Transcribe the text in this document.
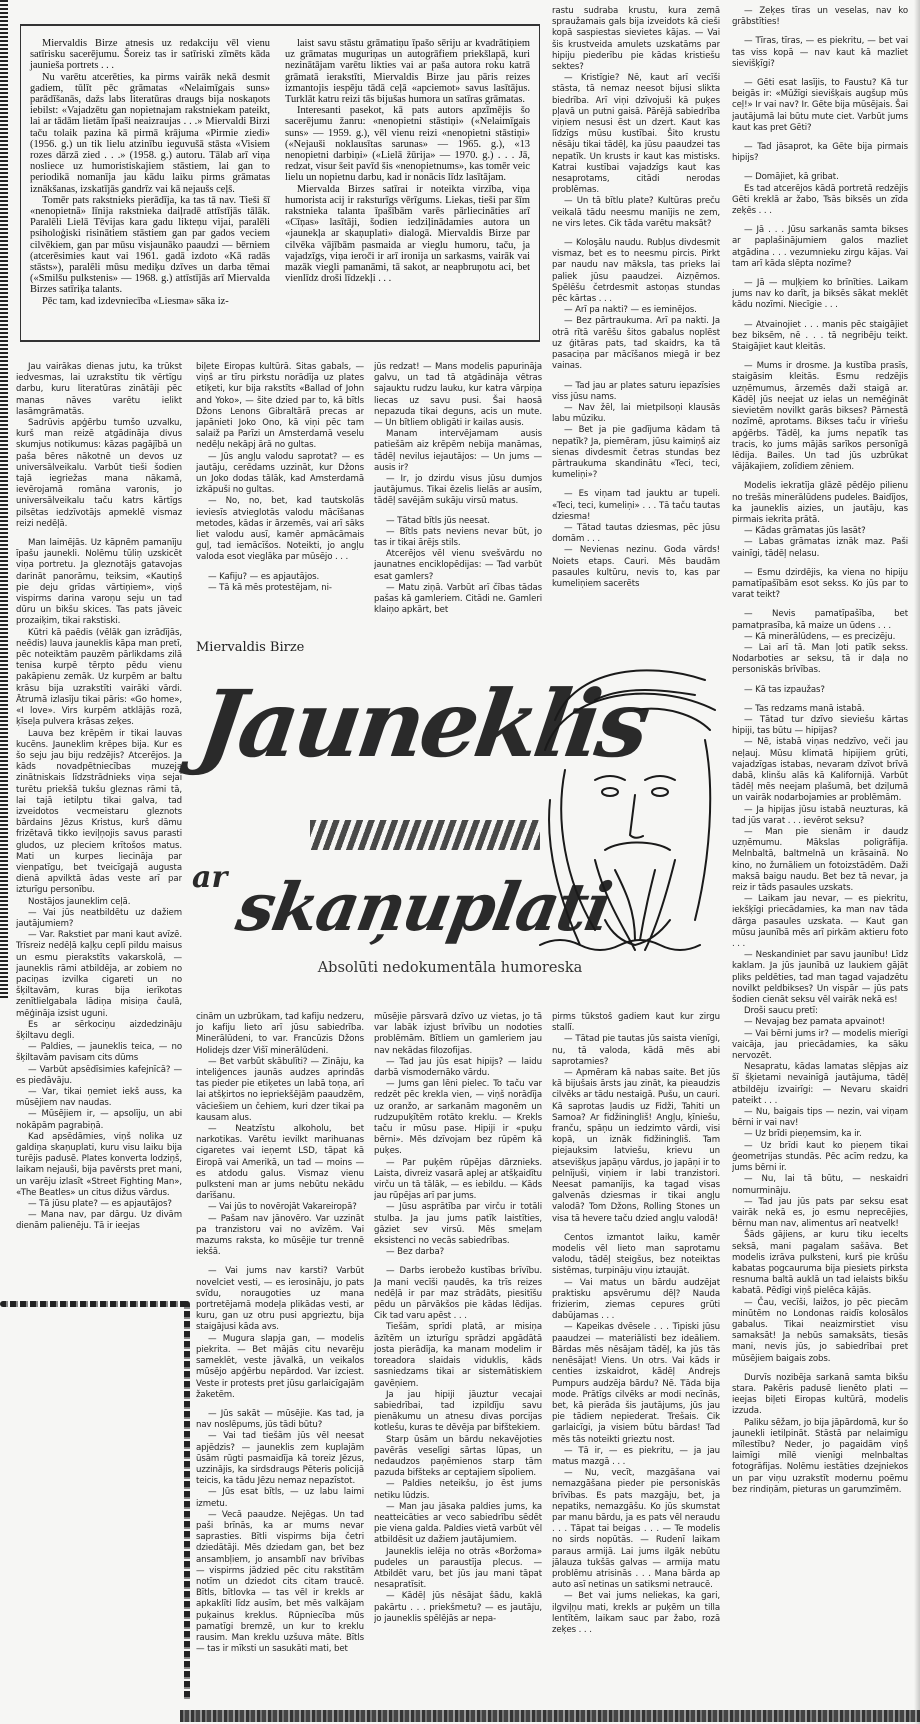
Miervaldis Birze atnesis uz redakciju vēl vienu satīrisku sacerējumu. Šoreiz tas ir satīriski zīmēts kāda jaunieša portrets . . .

Nu varētu atcerēties, ka pirms vairāk nekā desmit gadiem, tūlīt pēc grāmatas «Nelaimīgais suns» parādīšanās, dažs labs literatūras draugs bija noskaņots iebilst: «Vajadzētu gan nopietnajam rakstniekam pateikt, lai ar tādām lietām īpaši neaizraujas . . .» Miervaldi Birzi taču tolaik pazina kā pirmā krājuma «Pirmie ziedi» (1956. g.) un tik lielu atzinību ieguvušā stāsta «Visiem rozes dārzā zied . . .» (1958. g.) autoru. Tālab arī viņa nosliece uz humoristiskajiem stāstiem, lai gan to periodikā nomanīja jau kādu laiku pirms grāmatas iznākšanas, izskatījās gandrīz vai kā nejaušs ceļš.

Tomēr pats rakstnieks pierādīja, ka tas tā nav. Tieši šī «nenopietnā» līnija rakstnieka daiļradē attīstījās tālāk. Paralēli Lielā Tēvijas kara gadu likteņu vijai, paralēli psiholoģiski risinātiem stāstiem gan par gados veciem cilvēkiem, gan par mūsu visjaunāko paaudzi — bērniem (atcerēsimies kaut vai 1961. gadā izdoto «Kā radās stāsts»), paralēli mūsu mediķu dzīves un darba tēmai («Smilšu pulkstenis» — 1968. g.) attīstījās arī Miervalda Birzes satīriķa talants.

Pēc tam, kad izdevniecība «Liesma» sāka iz-

laist savu stāstu grāmatiņu īpašo sēriju ar kvadrātiņiem uz grāmatas muguriņas un autogrāfiem priekšlapā, kuri nezinātājam varētu likties vai ar paša autora roku katrā grāmatā ierakstīti, Miervaldis Birze jau pāris reizes izmantojis iespēju tādā ceļā «apciemot» savus lasītājus. Turklāt katru reizi tās bijušas humora un satīras grāmatas.

Interesanti pasekot, kā pats autors apzīmējis šo sacerējumu žanru: «nenopietni stāstiņi» («Nelaimīgais suns» — 1959. g.), vēl vienu reizi «nenopietni stāstiņi» («Nejauši noklausītas sarunas» — 1965. g.), «13 nenopietni darbiņi» («Lielā žūrija» — 1970. g.) . . . Jā, redzat, visur šeit pavīd šis «nenopietnums», kas tomēr veic lielu un nopietnu darbu, kad ir nonācis līdz lasītājam.

Miervalda Birzes satīrai ir noteikta virzība, viņa humorista acij ir raksturīgs vērīgums. Liekas, tieši par šīm rakstnieka talanta īpašībām varēs pārliecināties arī «Cīņas» lasītāji, šodien iedziļinādamies autora un «jaunekļa ar skaņuplati» dialogā. Miervaldis Birze par cilvēka vājībām pasmaida ar vieglu humoru, taču, ja vajadzīgs, viņa ieroči ir arī ironija un sarkasms, vairāk vai mazāk viegli pamanāmi, tā sakot, ar neapbruņotu aci, bet vienlīdz droši līdzekļi . . .

Jau vairākas dienas jutu, ka trūkst iedvesmas, lai uzrakstītu tik vērtīgu darbu, kuru literatūras zinātāji pēc manas nāves varētu ielikt lasāmgrāmatās.

Sadrūvis apģērbu tumšo uzvalku, kurš man reizē atgādināja divus skumjus notikumus: kāzas pagājībā un paša bēres nākotnē un devos uz universālveikalu. Varbūt tieši šodien tajā iegriežas mana nākamā, ievērojamā romāna varonis, jo universālveikalu taču katrs kārtīgs pilsētas iedzīvotājs apmeklē vismaz reizi nedēļā.

Man laimējās. Uz kāpnēm pamanīju īpašu jaunekli. Nolēmu tūliņ uzskicēt viņa portretu. Ja gleznotājs gatavojas darināt panorāmu, teiksim, «Kautiņš pie deju grīdas vārtiņiem», viņš vispirms darina varoņu seju un tad dūru un bikšu skices. Tas pats jāveic prozaiķim, tikai rakstiski.

Kūtri kā paēdis (vēlāk gan izrādījās, neēdis) lauva jauneklis kāpa man pretī, pēc noteiktām pauzēm pārlikdams zilā tenisa kurpē tērpto pēdu vienu pakāpienu zemāk. Uz kurpēm ar baltu krāsu bija uzrakstīti vairāki vārdi. Ātrumā izlasīju tikai pāris: «Go home», «I love». Virs kurpēm atklājās rozā, ķīseļa pulvera krāsas zeķes.

Lauva bez krēpēm ir tikai lauvas kucēns. Jauneklim krēpes bija. Kur es šo seju jau biju redzējis? Atcerējos. Ja kāds novadpētniecības muzeja zinātniskais līdzstrādnieks viņa sejai turētu priekšā tukšu gleznas rāmi tā, lai tajā ietilptu tikai galva, tad izveidotos vecmeistaru gleznots bārdains Jēzus Kristus, kurš dāmu frizētavā tikko ieviļņojis savus parasti gludos, uz pleciem krītošos matus. Mati un kurpes liecināja par vienpatīgu, bet tveicīgajā augusta dienā apvilktā ādas veste arī par izturīgu personību.

Nostājos jauneklim ceļā.

— Vai jūs neatbildētu uz dažiem jautājumiem?

— Var. Rakstiet par mani kaut avīzē. Trīsreiz nedēļā kaļķu ceplī pildu maisus un esmu pierakstīts vakarskolā, — jauneklis rāmi atbildēja, ar zobiem no paciņas izvilka cigareti un no šķiltavām, kuras bija ierīkotas zenītlielgabala lādiņa misiņa čaulā, mēģināja izsist uguni.

Es ar sērkociņu aizdedzināju šķiltavu degli.

— Paldies, — jauneklis teica, — no šķiltavām pavisam cits dūms

— Varbūt apsēdīsimies kafejnīcā? — es piedāvāju.

— Var, tikai ņemiet iekš auss, ka mūsējiem nav naudas.

— Mūsējiem ir, — apsolīju, un abi nokāpām pagrabiņā.

Kad apsēdāmies, viņš nolika uz galdiņa skaņuplati, kuru visu laiku bija turējis padusē. Plates konverta lodziņš, laikam nejauši, bija pavērsts pret mani, un varēju izlasīt «Street Fighting Man», «The Beatles» un citus dižus vārdus.

— Tā jūsu plate? — es apjautājos?

— Mana nav, par dārgu. Uz divām dienām palienēju. Tā ir ieejas

biļete Eiropas kultūrā. Šitas gabals, — viņš ar tīru pirkstu norādīja uz plates etiķeti, kur bija rakstīts «Ballad of John and Yoko», — šite dzied par to, kā bītls Džons Lenons Gibraltārā precas ar japānieti Joko Ono, kā viņi pēc tam salaiž pa Parīzi un Amsterdamā veselu nedēļu nekāpj ārā no gultas.

— Jūs angļu valodu saprotat? — es jautāju, cerēdams uzzināt, kur Džons un Joko dodas tālāk, kad Amsterdamā izkāpuši no gultas.

— No, no, bet, kad tautskolās ieviesīs atvieglotās valodu mācīšanas metodes, kādas ir ārzemēs, vai arī sāks liet valodu ausī, kamēr apmācāmais guļ, tad iemācīšos. Noteikti, jo angļu valoda esot vieglāka par mūsējo . . .

— Kafiju? — es apjautājos.

— Tā kā mēs protestējam, ni-

jūs redzat! — Mans modelis papurināja galvu, un tad tā atgādināja vētras sajauktu rudzu lauku, kur katra vārpiņa liecas uz savu pusi. Šai haosā nepazuda tikai deguns, acis un mute. — Un bītliem obligāti ir kailas ausis.

Manam intervējamam ausis patiešām aiz krēpēm nebija manāmas, tādēļ nevilus iejautājos: — Un jums — ausis ir?

— Ir, jo dzirdu visus jūsu dumjos jautājumus. Tikai ēzelis lielās ar ausīm, tādēļ savējām sukāju virsū matus.

— Tātad bītls jūs neesat.

— Bītls pats neviens nevar būt, jo tas ir tikai ārējs stils.

Atcerējos vēl vienu svešvārdu no jaunatnes enciklopēdijas: — Tad varbūt esat gamlers?

— Matu ziņā. Varbūt arī čības tādas pašas kā gamleriem. Citādi ne. Gamleri klaiņo apkārt, bet

rastu sudraba krustu, kura zemā spraužamais gals bija izveidots kā cieši kopā saspiestas sievietes kājas. — Vai šis krustveida amulets uzskatāms par hipiju piederību pie kādas kristiešu sektes?

— Kristīgie? Nē, kaut arī vecīši stāsta, tā nemaz neesot bijusi slikta biedrība. Arī viņi dzīvojuši kā puķes pļavā un putni gaisā. Pārējā sabiedrība viņiem nesusi ēst un dzert. Kaut kas līdzīgs mūsu kustībai. Šito krustu nēsāju tikai tādēļ, ka jūsu paaudzei tas nepatīk. Un krusts ir kaut kas mistisks. Katrai kustībai vajadzīgs kaut kas nesaprotams, citādi nerodas problēmas.

— Un tā bītlu plate? Kultūras preču veikalā tādu neesmu manījis ne zem, ne virs letes. Cik tāda varētu maksāt?

— Koloşālu naudu. Rubļus divdesmit vismaz, bet es to neesmu pircis. Pirkt par naudu nav māksla, tas prieks lai paliek jūsu paaudzei. Aizņēmos. Spēlēšu četrdesmit astoņas stundas pēc kārtas . . .

— Arī pa nakti? — es ieminējos.

— Bez pārtraukuma. Arī pa nakti. Ja otrā rītā varēšu šitos gabalus noplēst uz ģitāras pats, tad skaidrs, ka tā pasaciņa par mācīšanos miegā ir bez vainas.

— Tad jau ar plates saturu iepazīsies viss jūsu nams.

— Nav žēl, lai mietpilsoņi klausās labu mūziku.

— Bet ja pie gadījuma kādam tā nepatīk? Ja, piemēram, jūsu kaimiņš aiz sienas divdesmit četras stundas bez pārtraukuma skandinātu «Teci, teci, kumeliņi»?

— Es viņam tad jauktu ar tupeli. «Teci, teci, kumeliņi» . . . Tā taču tautas dziesma!

— Tātad tautas dziesmas, pēc jūsu domām . . .

— Nevienas nezinu. Goda vārds! Noiets etaps. Cauri. Mēs baudām pasaules kultūru, nevis to, kas par kumeliņiem sacerēts

— Zeķes tīras un veselas, nav ko grābstīties!

— Tīras, tīras, — es piekritu, — bet vai tas viss kopā — nav kaut kā mazliet sievišķīgi?

— Gēti esat lasījis, to Faustu? Kā tur beigās ir: «Mūžīgi sievišķais augšup mūs ceļ!» Ir vai nav? Ir. Gēte bija mūsējais. Šai jautājumā lai būtu mute ciet. Varbūt jums kaut kas pret Gēti?

— Tad jāsaprot, ka Gēte bija pirmais hipijs?

— Domājiet, kā gribat.

Es tad atcerējos kādā portretā redzējis Gēti kreklā ar žabo, Tsās biksēs un zīda zeķēs . . .

— Jā . . . Jūsu sarkanās samta bikses ar paplašinājumiem galos mazliet atgādina . . . vezumnieku zirgu kājas. Vai tam arī kāda slēpta nozīme?

— Jā — muļķiem ko brīnīties. Laikam jums nav ko darīt, ja biksēs sākat meklēt kādu nozīmi. Niecīgie . . .

— Atvainojiet . . . manis pēc staigājiet bez biksēm, nē . . . tā negribēju teikt. Staigājiet kaut kleitās.

— Mums ir drosme. Ja kustība prasīs, staigāsim kleitās. Esmu redzējis uzņēmumus, ārzemēs daži staigā ar. Kādēļ jūs neejat uz ielas un nemēģināt sievietēm novilkt garās bikses? Pārnestā nozīmē, aprotams. Bikses taču ir vīriešu apģērbs. Tādēļ, ka jums nepatīk tas tracis, ko jums mājās sarīkos personīgā lēdija. Bailes. Un tad jūs uzbrūkat vājākajiem, zolīdiem zēniem.

Modelis iekratīja glāzē pēdējo pilienu no trešās minerālūdens pudeles. Baidījos, ka jauneklis aizies, un jautāju, kas pirmais iekrita prātā.

— Kādas grāmatas jūs lasāt?

— Labas grāmatas iznāk maz. Paši vainīgi, tādēļ nelasu.

— Esmu dzirdējis, ka viena no hipiju pamatīpašībām esot sekss. Ko jūs par to varat teikt?

— Nevis pamatīpašība, bet pamatprasība, kā maize un ūdens . . .

— Kā minerālūdens, — es precizēju.

— Lai arī tā. Man ļoti patīk sekss. Nodarboties ar seksu, tā ir daļa no personiskās brīvības.

— Kā tas izpaužas?

— Tas redzams manā istabā.

— Tātad tur dzīvo sieviešu kārtas hipiji, tas būtu — hipijas?

— Nē, istabā viņas nedzīvo, veči jau neļauj. Mūsu klimatā hipijiem grūti, vajadzīgas istabas, nevaram dzīvot brīvā dabā, klinšu alās kā Kalifornijā. Varbūt tādēļ mēs neejam plašumā, bet dziļumā un vairāk nodarbojamies ar problēmām.

— Ja hipijas jūsu istabā neuzturas, kā tad jūs varat . . . ievērot seksu?

— Man pie sienām ir daudz uzņēmumu. Mākslas poligrāfija. Melnbaltā, baltmelnā un krāsainā. No kino, no žurnāliem un fotoizstādēm. Daži maksā baigu naudu. Bet bez tā nevar, ja reiz ir tāds pasaules uzskats.

— Laikam jau nevar, — es piekritu, iekšķīgi priecādamies, ka man nav tāda dārga pasaules uzskata. — Kaut gan mūsu jaunībā mēs arī pirkām aktieru foto . . .

— Neskandiniet par savu jaunību! Līdz kaklam. Ja jūs jaunībā uz laukiem gājāt pliks peldēties, tad man tagad vajadzētu novilkt peldbikses? Un vispār — jūs pats šodien cienāt seksu vēl vairāk nekā es!

Droši saucu pretī:

— Nevajag bez pamata apvainot!

— Vai bērni jums ir? — modelis mierīgi vaicāja, jau priecādamies, ka sāku nervozēt.

Nesapratu, kādas lamatas slēpjas aiz šī šķietami nevainīgā jautājuma, tādēļ atbildēju izvairīgi: — Nevaru skaidri pateikt . . .

— Nu, baigais tips — nezin, vai viņam bērni ir vai nav!

— Uz brīdi pieņemsim, ka ir.

— Uz brīdi kaut ko pieņem tikai ģeometrijas stundās. Pēc acīm redzu, ka jums bērni ir.

— Nu, lai tā būtu, — neskaidri nomurmināju.

— Tad jau jūs pats par seksu esat vairāk nekā es, jo esmu neprecējies, bērnu man nav, alimentus arī neatvelk!

Šāds gājiens, ar kuru tiku iecelts seksā, mani pagalam sašāva. Bet modelis izrāva pulksteni, kurš pie krūšu kabatas pogcauruma bija piesiets pirksta resnuma baltā auklā un tad ielaists bikšu kabatā. Pēdīgi viņš pielēca kājās.

— Čau, vecīši, laižos, jo pēc piecām minūtēm no Londonas raidīs kolosālos gabalus. Tikai neaizmirstiet visu samaksāt! Ja nebūs samaksāts, tiesās mani, nevis jūs, jo sabiedrībai pret mūsējiem baigais zobs.

Durvīs nozibēja sarkanā samta bikšu stara. Pakēris padusē lienēto plati — ieejas biļeti Eiropas kultūrā, modelis izzuda.

Paliku sēžam, jo bija jāpārdomā, kur šo jaunekli ietilpināt. Stāstā par nelaimīgu mīlestību? Neder, jo pagaidām viņš laimīgi mīlē vienīgi melnbaltas fotogrāfijas. Nolēmu iestāties dzejniekos un par viņu uzrakstīt modernu poēmu bez rindiņām, pieturas un garumzīmēm.

Miervaldis Birze
Jauneklis
ar skaņuplati
Absolūti nedokumentāla humoreska

cinām un uzbrūkam, tad kafiju nedzeru, jo kafiju lieto arī jūsu sabiedrība. Minerālūdeni, to var. Francūzis Džons Holidejs dzer Višī minerālūdeni.

— Bet varbūt skābulīti? — Zināju, ka inteliģences jaunās audzes aprindās tas pieder pie etiķetes un labā toņa, arī lai atšķirtos no iepriekšējām paaudzēm, vāciešiem un čehiem, kuri dzer tikai pa kausam alus.

— Neatzīstu alkoholu, bet narkotikas. Varētu ievilkt marihuanas cigaretes vai ieņemt LSD, tāpat kā Eiropā vai Amerikā, un tad — moins — es atdodu galus. Vismaz vienu pulksteni man ar jums nebūtu nekādu darīšanu.

— Vai jūs to novērojāt Vakareiropā?

— Pašam nav jānovēro. Var uzzināt pa tranzistoru vai no avīzēm. Vai mazums raksta, ko mūsējie tur trennē iekšā.

— Vai jums nav karsti? Varbūt novelciet vesti, — es ierosināju, jo pats svīdu, noraugoties uz mana portretējamā modeļa plikādas vesti, ar kuru, gan uz otru pusi apgrieztu, bija staigājusi kāda avs.

— Mugura slapja gan, — modelis piekrita. — Bet mājās citu nevarēju sameklēt, veste jāvalkā, un veikalos mūsējo apģērbu nepārdod. Var izciest. Veste ir protests pret jūsu garlaicīgajām žaketēm.

— Jūs sakāt — mūsējie. Kas tad, ja nav noslēpums, jūs tādi būtu?

— Vai tad tiešām jūs vēl neesat apjēdzis? — jauneklis zem kuplajām ūsām rūgti pasmaidīja kā toreiz Jēzus, uzzinājis, ka sirdsdraugs Pēteris policijā teicis, ka tādu Jēzu nemaz nepazīstot.

— Jūs esat bītls, — uz labu laimi izmetu.

— Vecā paaudze. Nejēgas. Un tad paši brīnās, ka ar mums nevar saprasties. Bītli vispirms bija četri dziedātāji. Mēs dziedam gan, bet bez ansambļiem, jo ansamblī nav brīvības — vispirms jādzied pēc citu rakstītām notīm un dziedot cits citam traucē. Bītls, bītlovka — tas vēl ir krekls ar apkaklīti līdz ausīm, bet mēs valkājam puķainus kreklus. Rūpniecība mūs pamatīgi bremzē, un kur to kreklu rausim. Man kreklu uzšuva māte. Bītls — tas ir mīksti un sasukāti mati, bet

mūsējie pārsvarā dzīvo uz vietas, jo tā var labāk izjust brīvību un nodoties problēmām. Bītliem un gamleriem jau nav nekādas filozofijas.

— Tad jau jūs esat hipijs? — laidu darbā vismodernāko vārdu.

— Jums gan lēni pielec. To taču var redzēt pēc krekla vien, — viņš norādīja uz oranžo, ar sarkanām magonēm un rudzupuķītēm rotāto kreklu. — Krekls taču ir mūsu pase. Hipiji ir «puķu bērni». Mēs dzīvojam bez rūpēm kā puķes.

— Par puķēm rūpējas dārznieks. Laista, divreiz vasarā aplej ar atšķaidītu virču un tā tālāk, — es iebildu. — Kāds jau rūpējas arī par jums.

— Jūsu asprātība par virču ir totāli stulba. Ja jau jums patīk laistīties, gāziet sev virsū. Mēs smeļam eksistenci no vecās sabiedrības.

— Bez darba?

— Darbs ierobežo kustības brīvību. Ja mani vecīši ņaudēs, ka trīs reizes nedēļā ir par maz strādāts, piesitīšu pēdu un pārvākšos pie kādas lēdijas. Cik tad varu apēst . . .

Tiešām, sprīdi platā, ar misiņa āzītēm un izturīgu sprādzi apgādātā josta pierādīja, ka manam modelim ir toreadora slaidais viduklis, kāds sasniedzams tikai ar sistemātiskiem gavēņiem.

Ja jau hipiji jāuztur vecajai sabiedrībai, tad izpildīju savu pienākumu un atnesu divas porcijas kotlešu, kuras te dēvēja par bifštekiem.

Starp ūsām un bārdu nekavējoties pavērās veselīgi sārtas lūpas, un nedaudzos paņēmienos starp tām pazuda bifšteks ar ceptajiem sīpoliem.

— Paldies neteikšu, jo ēst jums netiku lūdzis.

— Man jau jāsaka paldies jums, ka neatteicāties ar veco sabiedrību sēdēt pie viena galda. Paldies vietā varbūt vēl atbildēsit uz dažiem jautājumiem.

Jauneklis ielēja no otrās «Boržoma» pudeles un paraustīja plecus. — Atbildēt varu, bet jūs jau mani tāpat nesapratīsit.

— Kādēļ jūs nēsājat šādu, kaklā pakārtu . . . priekšmetu? — es jautāju, jo jauneklis spēlējās ar nepa-

pirms tūkstoš gadiem kaut kur zirgu stallī.

— Tātad pie tautas jūs saista vienīgi, nu, tā valoda, kādā mēs abi saprotamies?

— Apmēram kā nabas saite. Bet jūs kā bijušais ārsts jau zināt, ka pieaudzis cilvēks ar tādu nestaigā. Pušu, un cauri. Kā saprotas ļaudis uz Fidži, Tahiti un Samoa? Ar fidžiningliš! Angļu, ķīniešu, franču, spāņu un iedzimto vārdi, visi kopā, un iznāk fidžiningliš. Tam piejauksim latviešu, krievu un atsevišķus japāņu vārdus, jo japāņi ir to pelnījuši, viņiem ir labi tranzistori. Neesat pamanījis, ka tagad visas galvenās dziesmas ir tikai angļu valodā? Tom Džons, Rolling Stones un visa tā hevere taču dzied angļu valodā!

Centos izmantot laiku, kamēr modelis vēl lieto man saprotamu valodu, tādēļ steigšus, bez noteiktas sistēmas, turpināju viņu iztaujāt.

— Vai matus un bārdu audzējat praktisku apsvērumu dēļ? Nauda frizierim, ziemas cepures grūti dabūjamas . . .

— Kapeikas dvēsele . . . Tipiski jūsu paaudzei — materiālisti bez ideāliem. Bārdas mēs nēsājam tādēļ, ka jūs tās nenēsājat! Viens. Un otrs. Vai kāds ir centies izskaidrot, kādēļ Andrejs Pumpurs audzēja bārdu? Nē. Tāda bija mode. Prātīgs cilvēks ar modi necīnās, bet, kā pierāda šis jautājums, jūs jau pie tādiem nepiederat. Trešais. Cik garlaicīgi, ja visiem būtu bārdas! Tad mēs tās noteikti grieztu nost.

— Tā ir, — es piekritu, — ja jau matus mazgā . . .

— Nu, vecīt, mazgāšana vai nemazgāšana pieder pie personiskās brīvības. Es pats mazgāju, bet, ja nepatiks, nemazgāšu. Ko jūs skumstat par manu bārdu, ja es pats vēl neraudu . . . Tāpat tai beigas . . . — Te modelis no sirds nopūtās. — Rudenī laikam paraus armijā. Lai jums ilgāk nebūtu jālauza tukšās galvas — armija matu problēmu atrisinās . . . Mana bārda ap auto asī netinas un satiksmi netraucē.

— Bet vai jums neliekas, ka gari, ilgviļņu mati, krekls ar puķēm un tilla lentītēm, laikam sauc par žabo, rozā zeķes . . .
